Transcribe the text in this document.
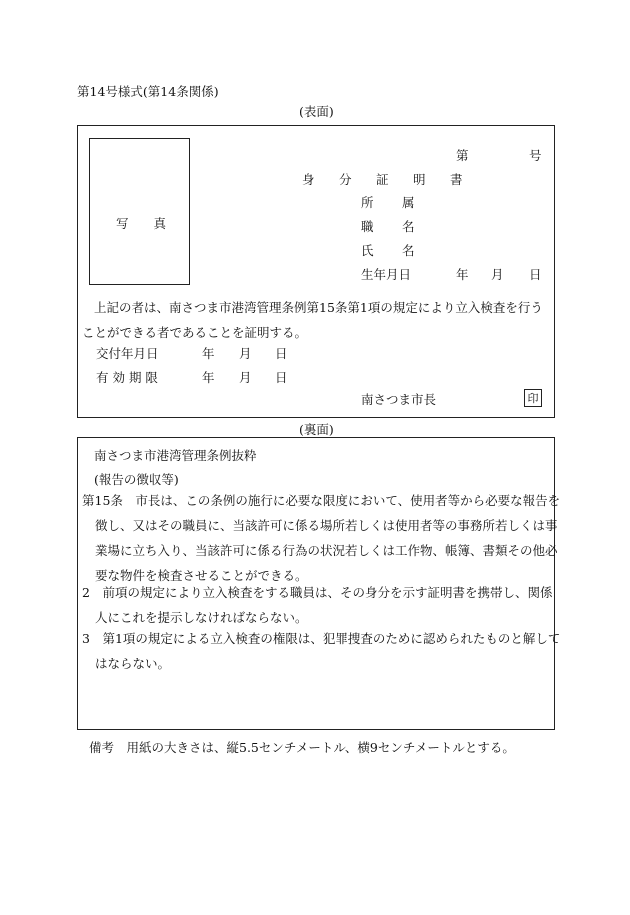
第14号様式(第14条関係)
(表面)
写　　真
第	号
身　分　証　明　書
所　属
職　名
氏　名
生年月日	年 月 日
上記の者は、南さつま市港湾管理条例第15条第1項の規定により立入検査を行うことができる者であることを証明する。
交付年月日	年 月 日
有 効 期 限	年 月 日
南さつま市長	印
(裏面)
南さつま市港湾管理条例抜粋
(報告の徴収等)
第15条　市長は、この条例の施行に必要な限度において、使用者等から必要な報告を徴し、又はその職員に、当該許可に係る場所若しくは使用者等の事務所若しくは事業場に立ち入り、当該許可に係る行為の状況若しくは工作物、帳簿、書類その他必要な物件を検査させることができる。
2　前項の規定により立入検査をする職員は、その身分を示す証明書を携帯し、関係人にこれを提示しなければならない。
3　第1項の規定による立入検査の権限は、犯罪捜査のために認められたものと解してはならない。
備考　用紙の大きさは、縦5.5センチメートル、横9センチメートルとする。
